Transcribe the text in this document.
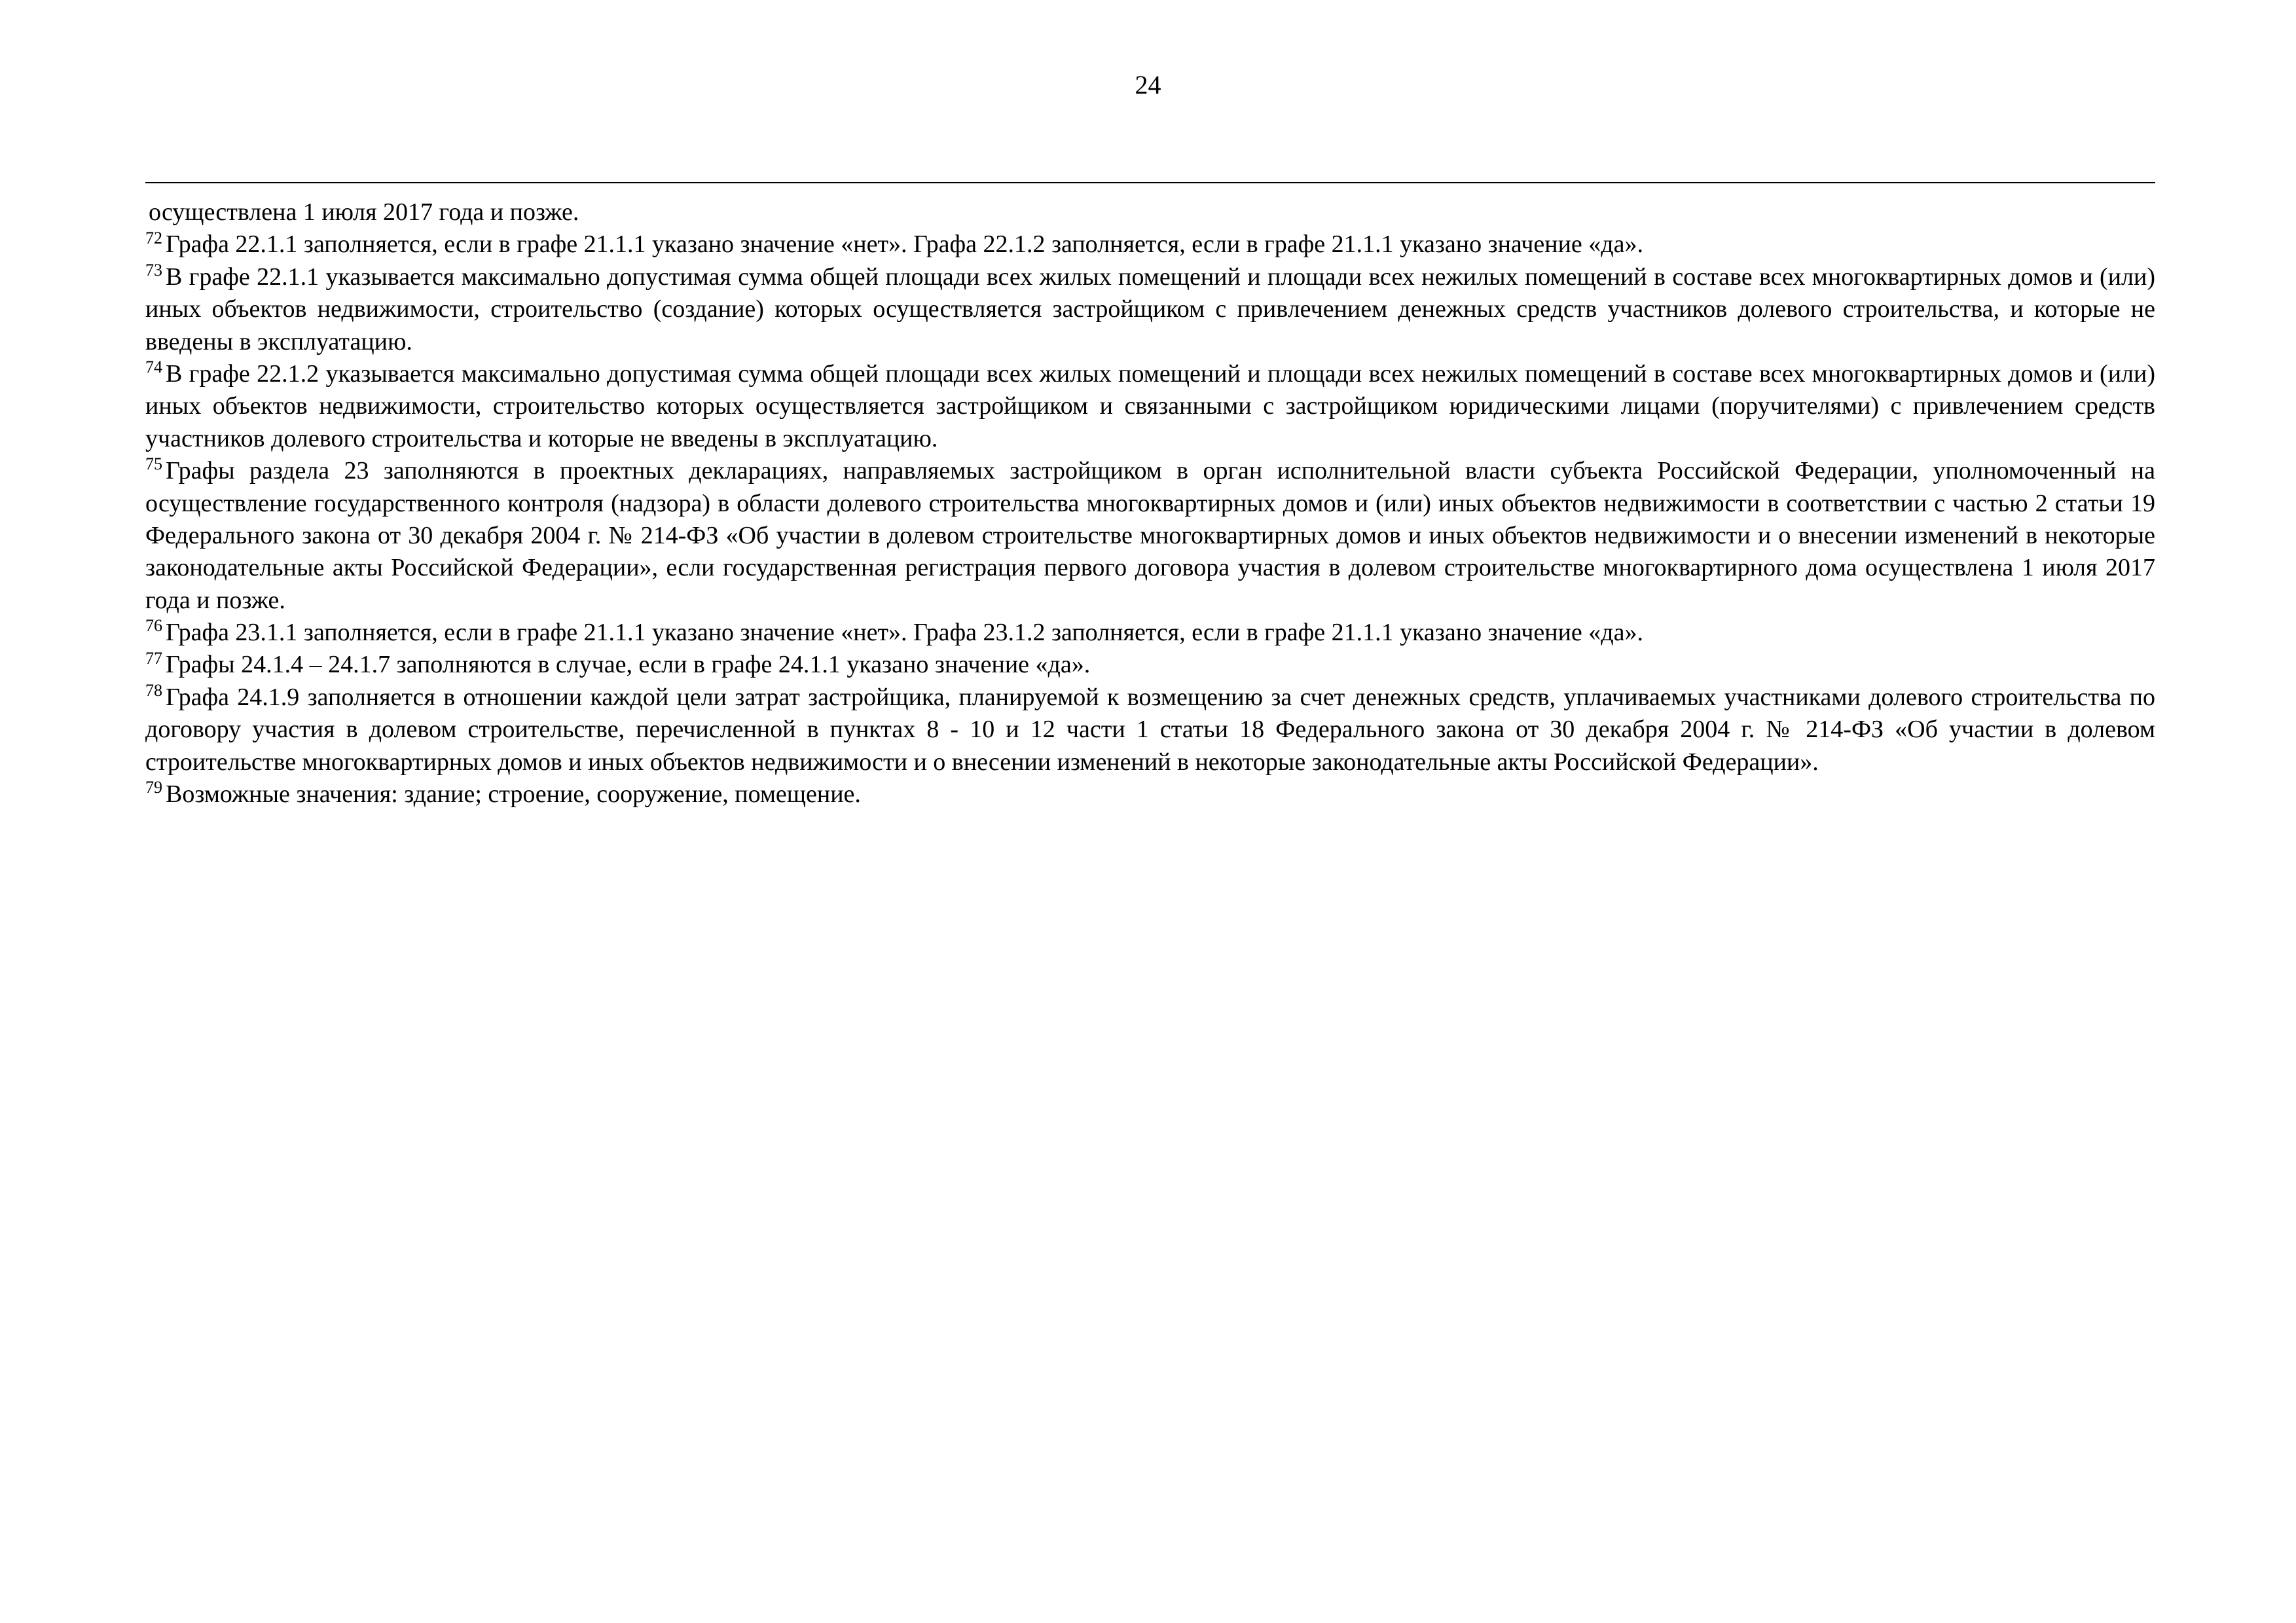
24

осуществлена 1 июля 2017 года и позже.

$^{72}$ Графа 22.1.1 заполняется, если в графе 21.1.1 указано значение «нет». Графа 22.1.2 заполняется, если в графе 21.1.1 указано значение «да».

$^{73}$ В графе 22.1.1 указывается максимально допустимая сумма общей площади всех жилых помещений и площади всех нежилых помещений в составе всех многоквартирных домов и (или) иных объектов недвижимости, строительство (создание) которых осуществляется застройщиком с привлечением денежных средств участников долевого строительства, и которые не введены в эксплуатацию.

$^{74}$ В графе 22.1.2 указывается максимально допустимая сумма общей площади всех жилых помещений и площади всех нежилых помещений в составе всех многоквартирных домов и (или) иных объектов недвижимости, строительство которых осуществляется застройщиком и связанными с застройщиком юридическими лицами (поручителями) с привлечением средств участников долевого строительства и которые не введены в эксплуатацию.

$^{75}$ Графы раздела 23 заполняются в проектных декларациях, направляемых застройщиком в орган исполнительной власти субъекта Российской Федерации, уполномоченный на осуществление государственного контроля (надзора) в области долевого строительства многоквартирных домов и (или) иных объектов недвижимости в соответствии с частью 2 статьи 19 Федерального закона от 30 декабря 2004 г. № 214-ФЗ «Об участии в долевом строительстве многоквартирных домов и иных объектов недвижимости и о внесении изменений в некоторые законодательные акты Российской Федерации», если государственная регистрация первого договора участия в долевом строительстве многоквартирного дома осуществлена 1 июля 2017 года и позже.

$^{76}$ Графа 23.1.1 заполняется, если в графе 21.1.1 указано значение «нет». Графа 23.1.2 заполняется, если в графе 21.1.1 указано значение «да».

$^{77}$ Графы 24.1.4 – 24.1.7 заполняются в случае, если в графе 24.1.1 указано значение «да».

$^{78}$ Графа 24.1.9 заполняется в отношении каждой цели затрат застройщика, планируемой к возмещению за счет денежных средств, уплачиваемых участниками долевого строительства по договору участия в долевом строительстве, перечисленной в пунктах 8 - 10 и 12 части 1 статьи 18 Федерального закона от 30 декабря 2004 г. № 214-ФЗ «Об участии в долевом строительстве многоквартирных домов и иных объектов недвижимости и о внесении изменений в некоторые законодательные акты Российской Федерации».

$^{79}$ Возможные значения: здание; строение, сооружение, помещение.
